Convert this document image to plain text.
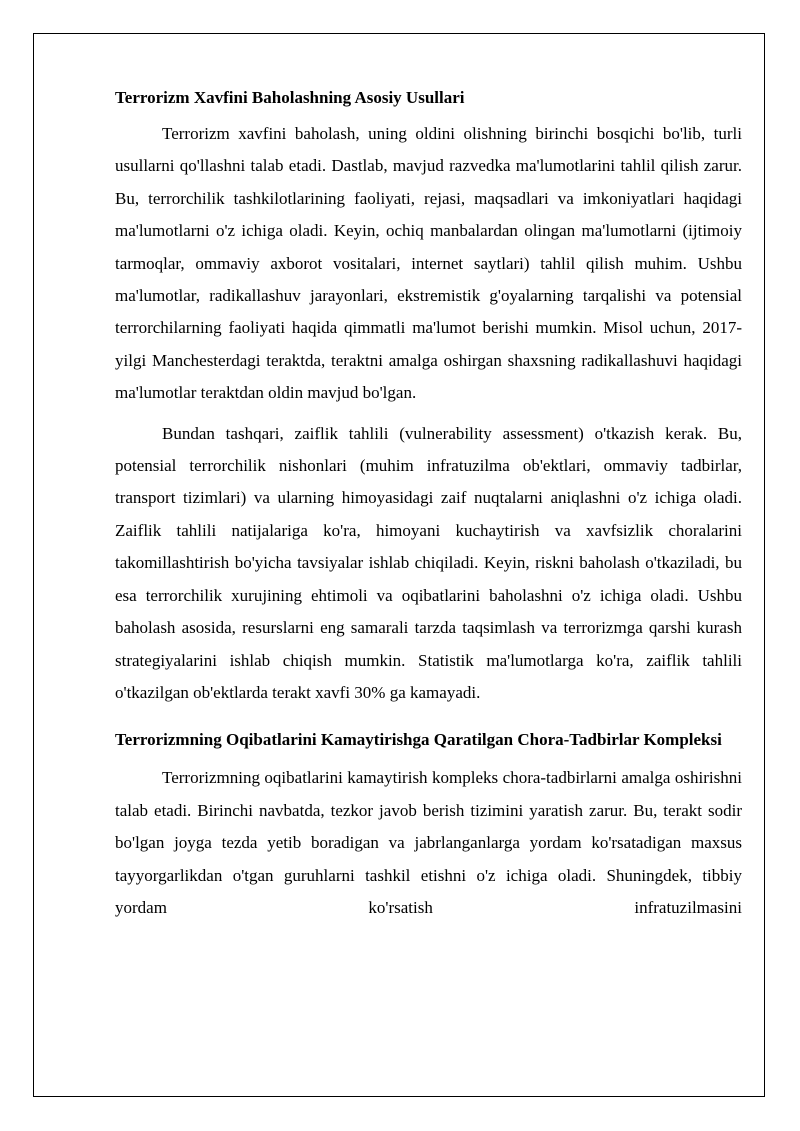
Terrorizm Xavfini Baholashning Asosiy Usullari

Terrorizm xavfini baholash, uning oldini olishning birinchi bosqichi bo'lib, turli usullarni qo'llashni talab etadi. Dastlab, mavjud razvedka ma'lumotlarini tahlil qilish zarur. Bu, terrorchilik tashkilotlarining faoliyati, rejasi, maqsadlari va imkoniyatlari haqidagi ma'lumotlarni o'z ichiga oladi. Keyin, ochiq manbalardan olingan ma'lumotlarni (ijtimoiy tarmoqlar, ommaviy axborot vositalari, internet saytlari) tahlil qilish muhim. Ushbu ma'lumotlar, radikallashuv jarayonlari, ekstremistik g'oyalarning tarqalishi va potensial terrorchilarning faoliyati haqida qimmatli ma'lumot berishi mumkin. Misol uchun, 2017-yilgi Manchesterdagi teraktda, teraktni amalga oshirgan shaxsning radikallashuvi haqidagi ma'lumotlar teraktdan oldin mavjud bo'lgan.

Bundan tashqari, zaiflik tahlili (vulnerability assessment) o'tkazish kerak. Bu, potensial terrorchilik nishonlari (muhim infratuzilma ob'ektlari, ommaviy tadbirlar, transport tizimlari) va ularning himoyasidagi zaif nuqtalarni aniqlashni o'z ichiga oladi. Zaiflik tahlili natijalariga ko'ra, himoyani kuchaytirish va xavfsizlik choralarini takomillashtirish bo'yicha tavsiyalar ishlab chiqiladi. Keyin, riskni baholash o'tkaziladi, bu esa terrorchilik xurujining ehtimoli va oqibatlarini baholashni o'z ichiga oladi. Ushbu baholash asosida, resurslarni eng samarali tarzda taqsimlash va terrorizmga qarshi kurash strategiyalarini ishlab chiqish mumkin. Statistik ma'lumotlarga ko'ra, zaiflik tahlili o'tkazilgan ob'ektlarda terakt xavfi 30% ga kamayadi.

Terrorizmning Oqibatlarini Kamaytirishga Qaratilgan Chora-Tadbirlar Kompleksi

Terrorizmning oqibatlarini kamaytirish kompleks chora-tadbirlarni amalga oshirishni talab etadi. Birinchi navbatda, tezkor javob berish tizimini yaratish zarur. Bu, terakt sodir bo'lgan joyga tezda yetib boradigan va jabrlanganlarga yordam ko'rsatadigan maxsus tayyorgarlikdan o'tgan guruhlarni tashkil etishni o'z ichiga oladi. Shuningdek, tibbiy yordam ko'rsatish infratuzilmasini
